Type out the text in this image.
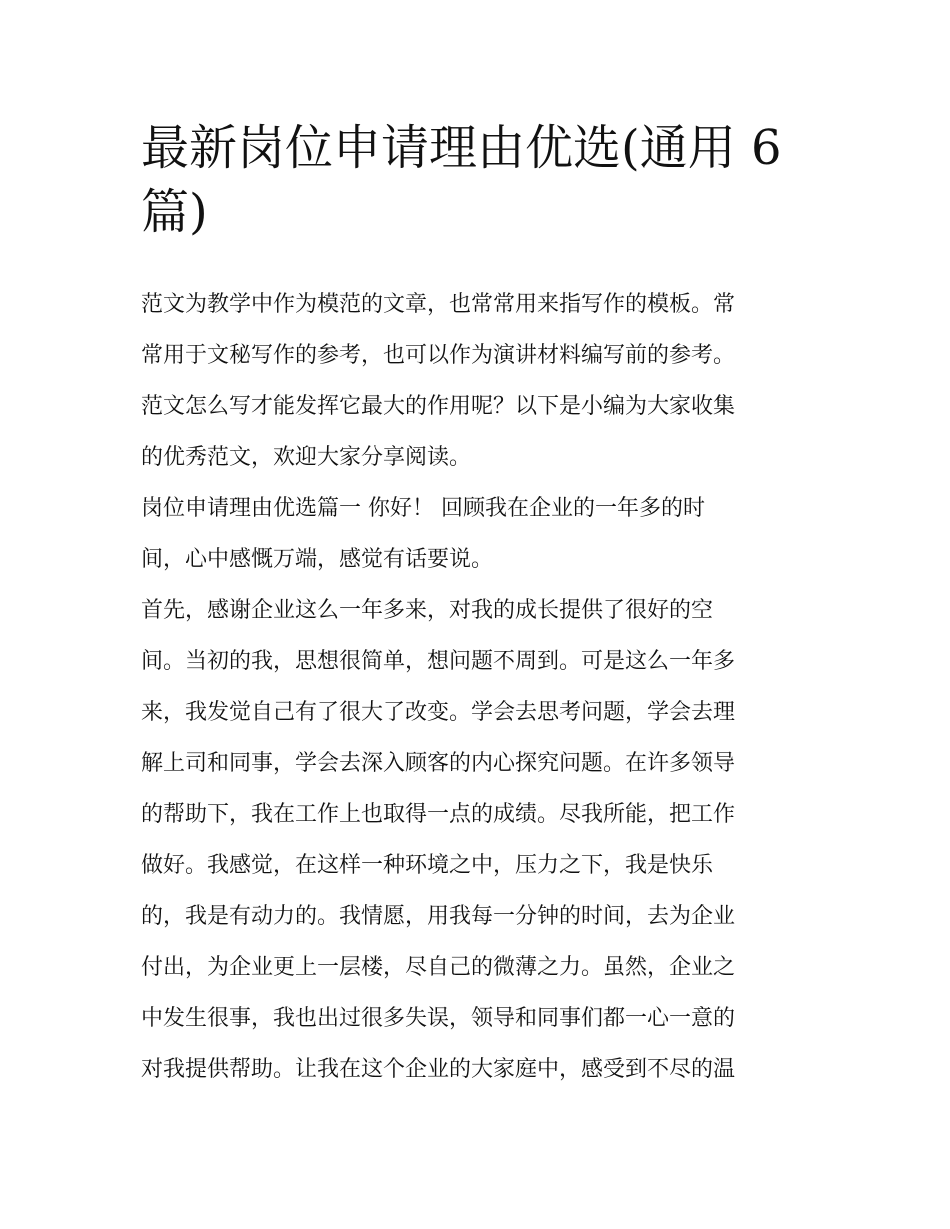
最新岗位申请理由优选(通用 6
篇)
范文为教学中作为模范的文章，也常常用来指写作的模板。常
常用于文秘写作的参考，也可以作为演讲材料编写前的参考。
范文怎么写才能发挥它最大的作用呢？以下是小编为大家收集
的优秀范文，欢迎大家分享阅读。
岗位申请理由优选篇一 你好！ 回顾我在企业的一年多的时
间，心中感慨万端，感觉有话要说。
首先，感谢企业这么一年多来，对我的成长提供了很好的空
间。当初的我，思想很简单，想问题不周到。可是这么一年多
来，我发觉自己有了很大了改变。学会去思考问题，学会去理
解上司和同事，学会去深入顾客的内心探究问题。在许多领导
的帮助下，我在工作上也取得一点的成绩。尽我所能，把工作
做好。我感觉，在这样一种环境之中，压力之下，我是快乐
的，我是有动力的。我情愿，用我每一分钟的时间，去为企业
付出，为企业更上一层楼，尽自己的微薄之力。虽然，企业之
中发生很事，我也出过很多失误，领导和同事们都一心一意的
对我提供帮助。让我在这个企业的大家庭中，感受到不尽的温
